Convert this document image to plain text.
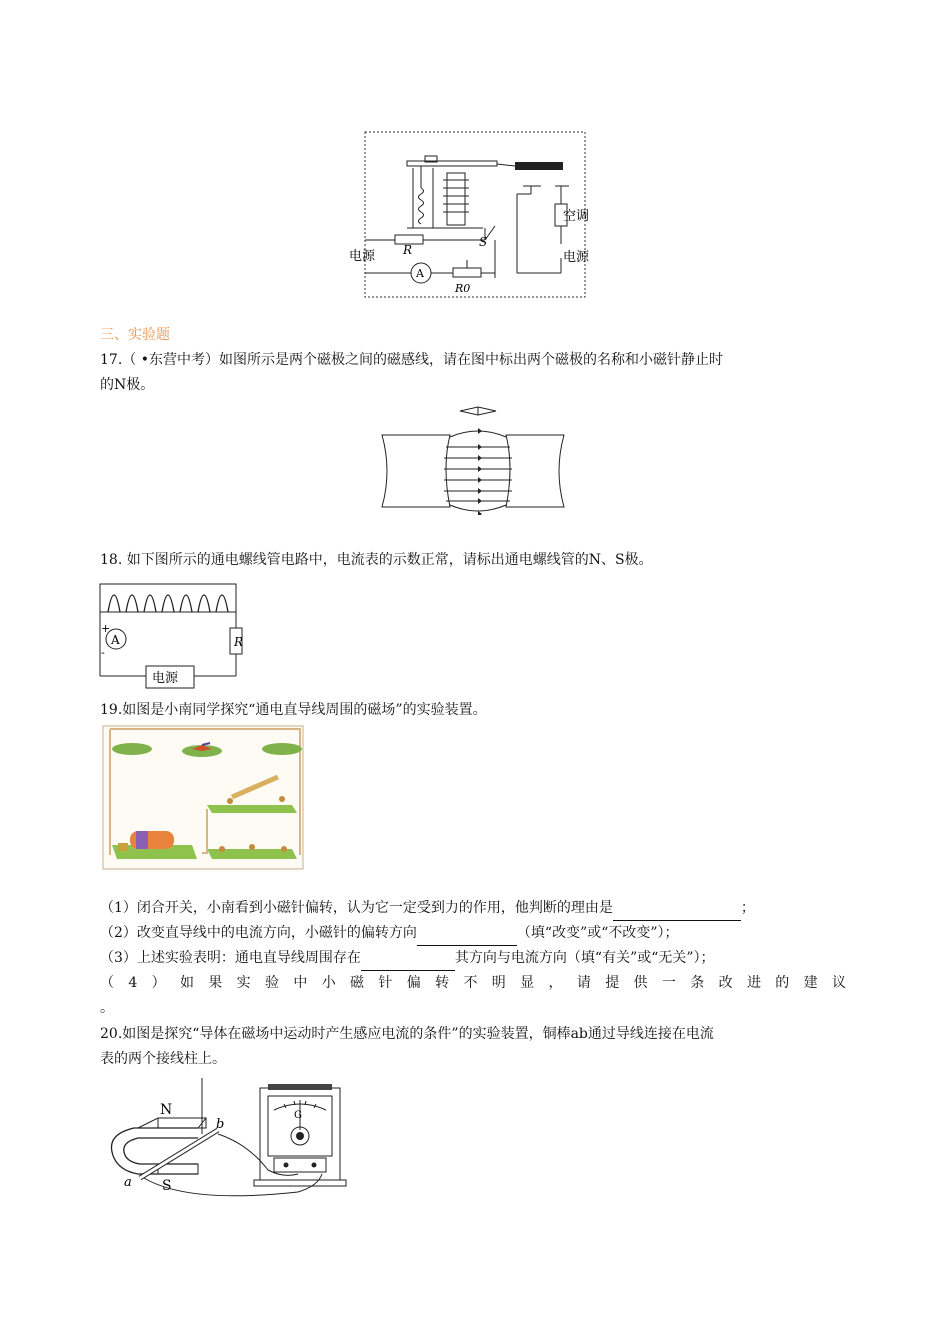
R
S
A
R0
电源
空调
电源
三、实验题
17.（ •东营中考）如图所示是两个磁极之间的磁感线，请在图中标出两个磁极的名称和小磁针静止时
的N极。
18. 如下图所示的通电螺线管电路中，电流表的示数正常，请标出通电螺线管的N、S极。
A
+
-
R
电源
19.如图是小南同学探究“通电直导线周围的磁场”的实验装置。
（1）闭合开关，小南看到小磁针偏转，认为它一定受到力的作用，他判断的理由是	；
（2）改变直导线中的电流方向，小磁针的偏转方向	（填“改变”或“不改变”）；
（3）上述实验表明：通电直导线周围存在	其方向与电流方向（填“有关”或“无关”）；
（4）如果实验中小磁针偏转不明显，请提供一条改进的建议
。
20.如图是探究“导体在磁场中运动时产生感应电流的条件”的实验装置，铜棒ab通过导线连接在电流
表的两个接线柱上。
N
S
a
b
G
